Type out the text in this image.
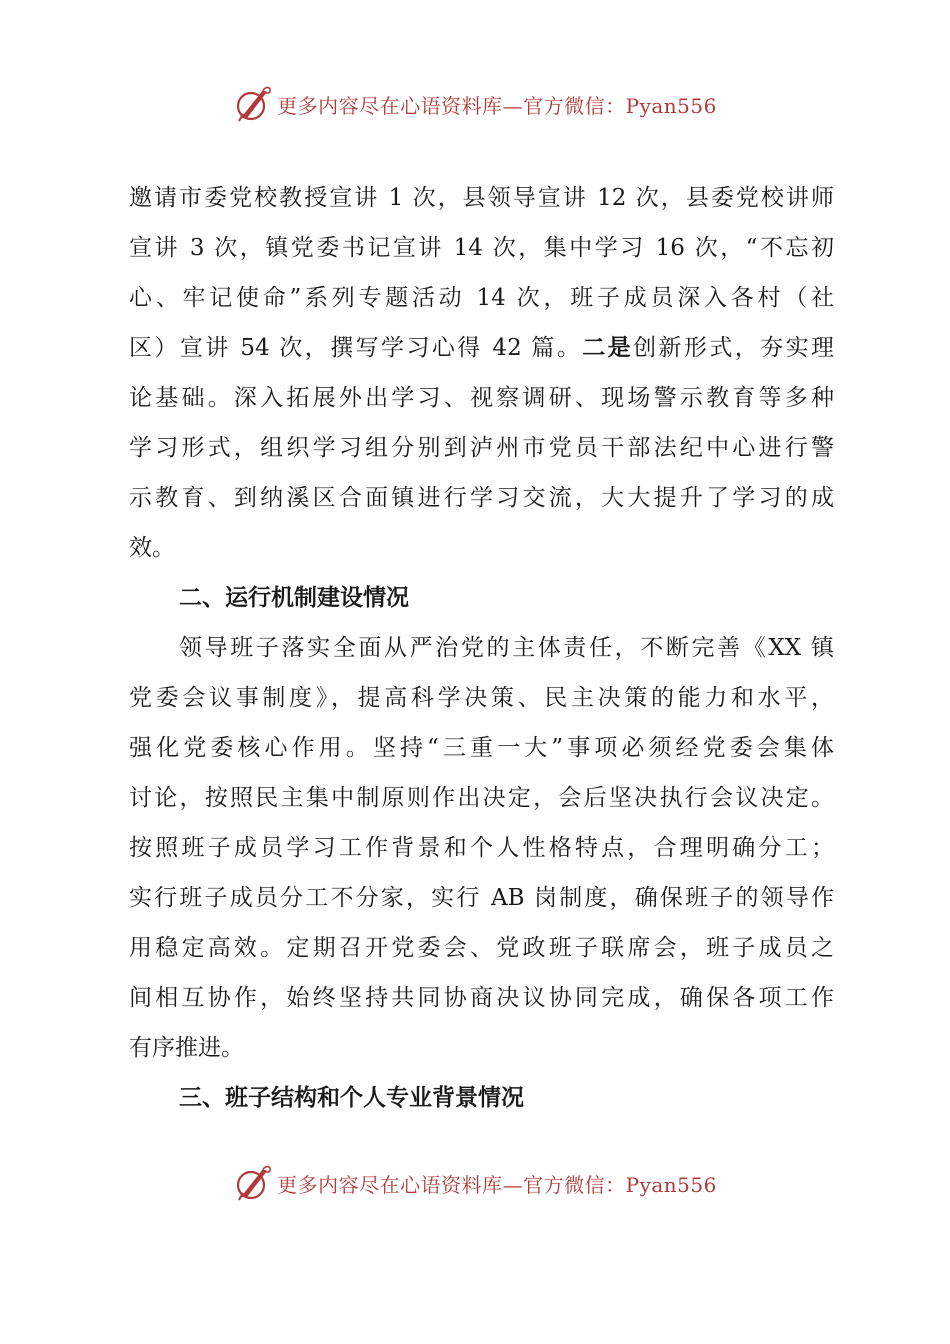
更多内容尽在心语资料库—官方微信：Pyan556
邀请市委党校教授宣讲 1 次，县领导宣讲 12 次，县委党校讲师
宣讲 3 次，镇党委书记宣讲 14 次，集中学习 16 次，“不忘初
心、牢记使命”系列专题活动 14 次，班子成员深入各村（社
区）宣讲 54 次，撰写学习心得 42 篇。二是创新形式，夯实理
论基础。深入拓展外出学习、视察调研、现场警示教育等多种
学习形式，组织学习组分别到泸州市党员干部法纪中心进行警
示教育、到纳溪区合面镇进行学习交流，大大提升了学习的成
效。
二、运行机制建设情况
领导班子落实全面从严治党的主体责任，不断完善《XX 镇
党委会议事制度》，提高科学决策、民主决策的能力和水平，
强化党委核心作用。坚持“三重一大”事项必须经党委会集体
讨论，按照民主集中制原则作出决定，会后坚决执行会议决定。
按照班子成员学习工作背景和个人性格特点，合理明确分工；
实行班子成员分工不分家，实行 AB 岗制度，确保班子的领导作
用稳定高效。定期召开党委会、党政班子联席会，班子成员之
间相互协作，始终坚持共同协商决议协同完成，确保各项工作
有序推进。
三、班子结构和个人专业背景情况
更多内容尽在心语资料库—官方微信：Pyan556
